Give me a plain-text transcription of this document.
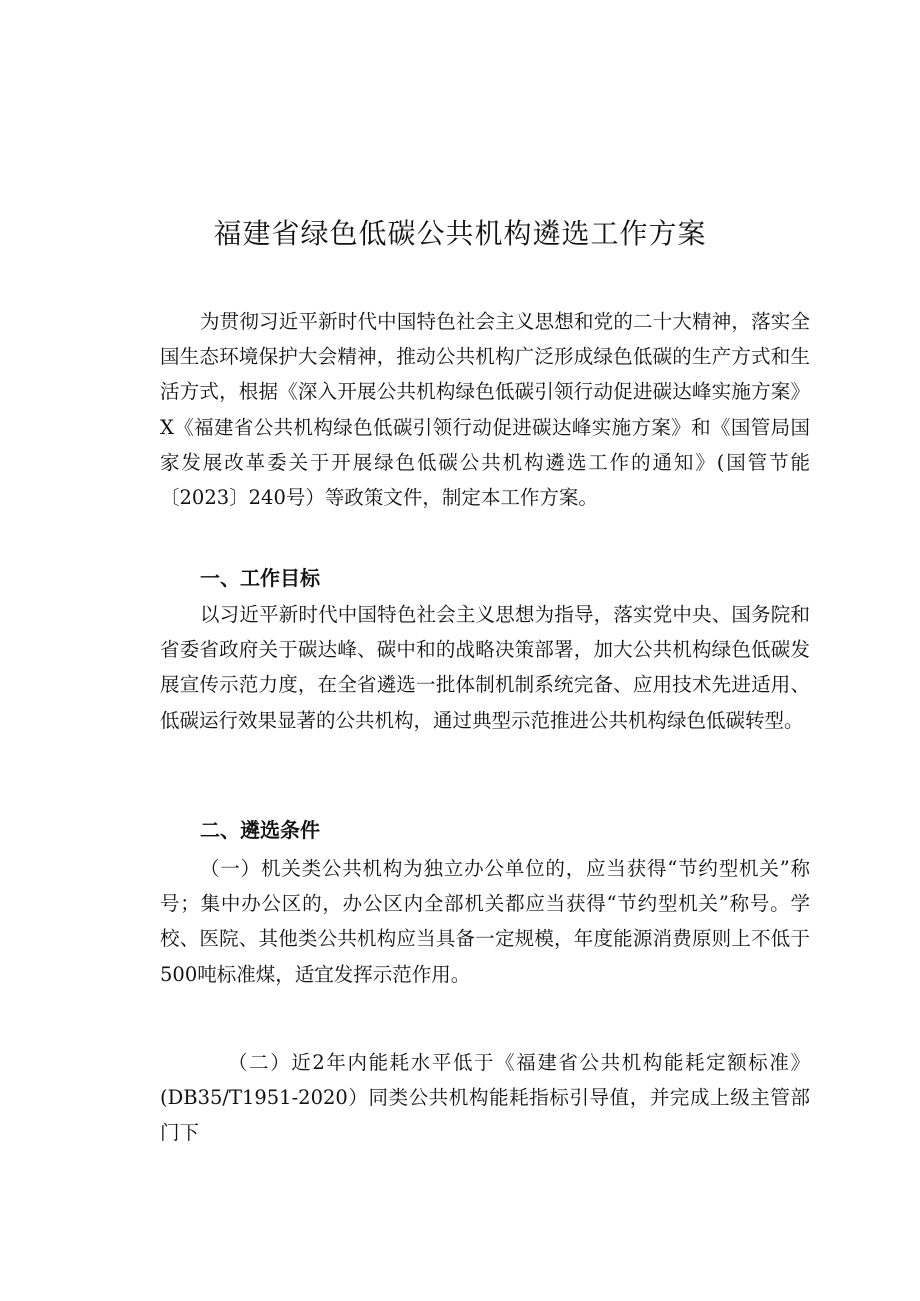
福建省绿色低碳公共机构遴选工作方案

为贯彻习近平新时代中国特色社会主义思想和党的二十大精神，落实全国生态环境保护大会精神，推动公共机构广泛形成绿色低碳的生产方式和生活方式，根据《深入开展公共机构绿色低碳引领行动促进碳达峰实施方案》X《福建省公共机构绿色低碳引领行动促进碳达峰实施方案》和《国管局国家发展改革委关于开展绿色低碳公共机构遴选工作的通知》(国管节能〔2023〕240号）等政策文件，制定本工作方案。

一、工作目标

以习近平新时代中国特色社会主义思想为指导，落实党中央、国务院和省委省政府关于碳达峰、碳中和的战略决策部署，加大公共机构绿色低碳发展宣传示范力度，在全省遴选一批体制机制系统完备、应用技术先进适用、低碳运行效果显著的公共机构，通过典型示范推进公共机构绿色低碳转型。

二、遴选条件

（一）机关类公共机构为独立办公单位的，应当获得“节约型机关”称号；集中办公区的，办公区内全部机关都应当获得“节约型机关”称号。学校、医院、其他类公共机构应当具备一定规模，年度能源消费原则上不低于500吨标准煤，适宜发挥示范作用。

（二）近2年内能耗水平低于《福建省公共机构能耗定额标准》(DB35/T1951-2020）同类公共机构能耗指标引导值，并完成上级主管部门下
